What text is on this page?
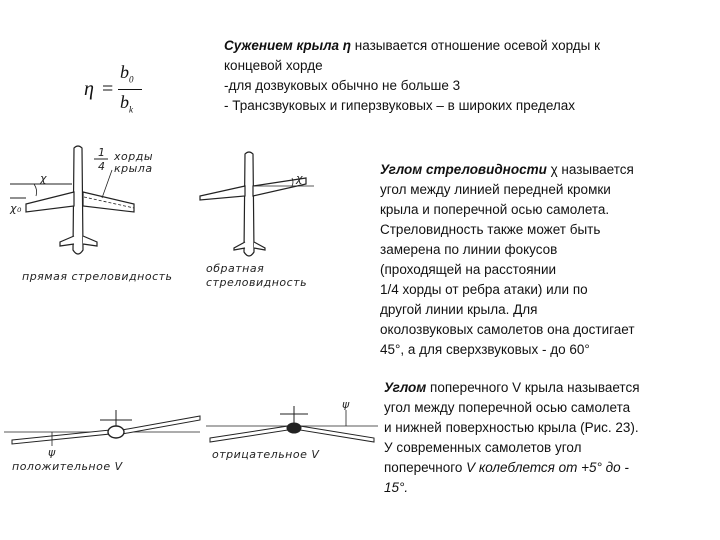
η =
$b_0$
$b_k$

Сужением крыла η называется отношение осевой хорды к

концевой хорде

-для дозвуковых обычно не больше 3

- Трансзвуковых и гиперзвуковых – в широких пределах

Углом стреловидности χ называется

угол между линией передней кромки

крыла и поперечной осью самолета.

Стреловидность также может быть

замерена по линии фокусов

(проходящей на расстоянии

1/4 хорды от ребра атаки) или по

другой линии крыла. Для

околозвуковых самолетов она достигает

45°, а для сверхзвуковых - до 60°

Углом поперечного V крыла называется

угол между поперечной осью самолета

и нижней поверхностью крыла (Рис. 23).

У современных самолетов угол

поперечного V колеблется от +5° до -

15°.

1
4
хорды
крыла
χ
χ₀
прямая стреловидность
χ
обратная
стреловидность
ψ
положительное V
ψ
отрицательное V
